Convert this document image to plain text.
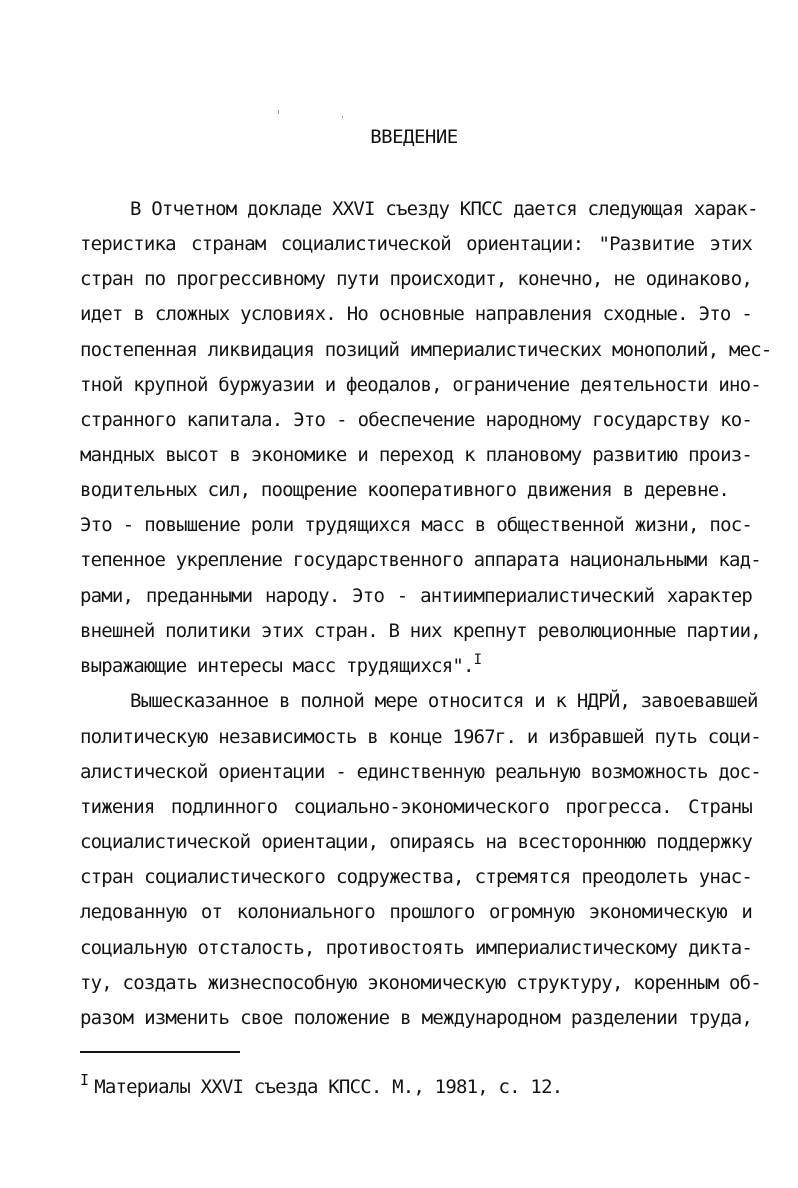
ВВЕДЕНИЕ
В Отчетном докладе XXVI съезду КПСС дается следующая харак-
теристика странам социалистической ориентации: "Развитие этих
стран по прогрессивному пути происходит, конечно, не одинаково,
идет в сложных условиях. Но основные направления сходные. Это -
постепенная ликвидация позиций империалистических монополий, мес-
тной крупной буржуазии и феодалов, ограничение деятельности ино-
странного капитала. Это - обеспечение народному государству ко-
мандных высот в экономике и переход к плановому развитию произ-
водительных сил, поощрение кооперативного движения в деревне.
Это - повышение роли трудящихся масс в общественной жизни, пос-
тепенное укрепление государственного аппарата национальными кад-
рами, преданными народу. Это - антиимпериалистический характер
внешней политики этих стран. В них крепнут революционные партии,
выражающие интересы масс трудящихся".$^I$
Вышесказанное в полной мере относится и к НДРЙ, завоевавшей
политическую независимость в конце 1967г. и избравшей путь соци-
алистической ориентации - единственную реальную возможность дос-
тижения подлинного социально-экономического прогресса. Страны
социалистической ориентации, опираясь на всестороннюю поддержку
стран социалистического содружества, стремятся преодолеть унас-
ледованную от колониального прошлого огромную экономическую и
социальную отсталость, противостоять империалистическому дикта-
ту, создать жизнеспособную экономическую структуру, коренным об-
разом изменить свое положение в международном разделении труда,
$^I$ Материалы XXVI съезда КПСС. М., 1981, с. 12.
